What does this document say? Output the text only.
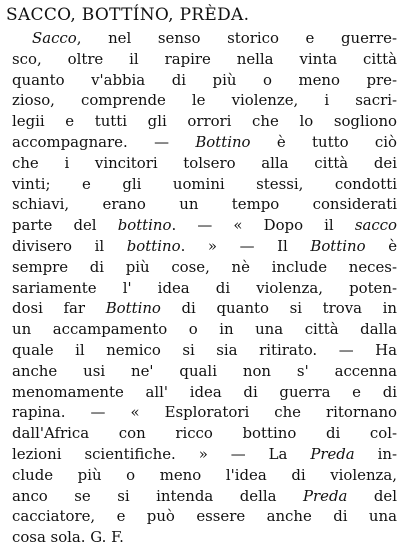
SACCO, BOTTÍNO, PRÈDA.

Sacco, nel senso storico e guerre-
sco, oltre il rapire nella vinta città
quanto v'abbia di più o meno pre-
zioso, comprende le violenze, i sacri-
legii e tutti gli orrori che lo sogliono
accompagnare. — Bottino è tutto ciò
che i vincitori tolsero alla città dei
vinti; e gli uomini stessi, condotti
schiavi, erano un tempo considerati
parte del bottino. — « Dopo il sacco
divisero il bottino. » — Il Bottino è
sempre di più cose, nè include neces-
sariamente l' idea di violenza, poten-
dosi far Bottino di quanto si trova in
un accampamento o in una città dalla
quale il nemico si sia ritirato. — Ha
anche usi ne' quali non s' accenna
menomamente all' idea di guerra e di
rapina. — « Esploratori che ritornano
dall'Africa con ricco bottino di col-
lezioni scientifiche. » — La Preda in-
clude più o meno l'idea di violenza,
anco se si intenda della Preda del
cacciatore, e può essere anche di una
cosa sola. G. F.
